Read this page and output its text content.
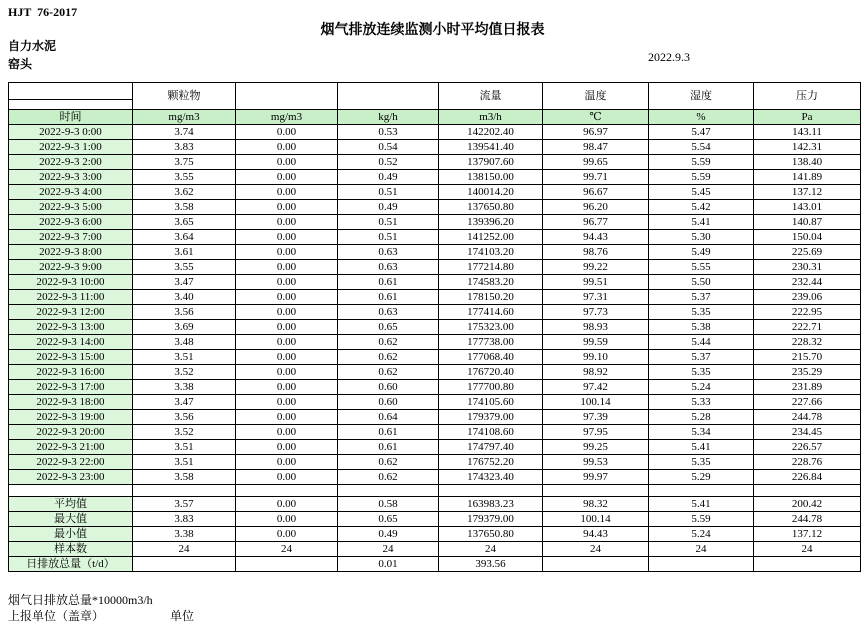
HJT  76-2017
烟气排放连续监测小时平均值日报表
自力水泥
窑头	2022.9.3
	颗粒物			流量	温度	湿度	压力

时间	mg/m3	mg/m3	kg/h	m3/h	℃	%	Pa
2022-9-3 0:00	3.74	0.00	0.53	142202.40	96.97	5.47	143.11
2022-9-3 1:00	3.83	0.00	0.54	139541.40	98.47	5.54	142.31
2022-9-3 2:00	3.75	0.00	0.52	137907.60	99.65	5.59	138.40
2022-9-3 3:00	3.55	0.00	0.49	138150.00	99.71	5.59	141.89
2022-9-3 4:00	3.62	0.00	0.51	140014.20	96.67	5.45	137.12
2022-9-3 5:00	3.58	0.00	0.49	137650.80	96.20	5.42	143.01
2022-9-3 6:00	3.65	0.00	0.51	139396.20	96.77	5.41	140.87
2022-9-3 7:00	3.64	0.00	0.51	141252.00	94.43	5.30	150.04
2022-9-3 8:00	3.61	0.00	0.63	174103.20	98.76	5.49	225.69
2022-9-3 9:00	3.55	0.00	0.63	177214.80	99.22	5.55	230.31
2022-9-3 10:00	3.47	0.00	0.61	174583.20	99.51	5.50	232.44
2022-9-3 11:00	3.40	0.00	0.61	178150.20	97.31	5.37	239.06
2022-9-3 12:00	3.56	0.00	0.63	177414.60	97.73	5.35	222.95
2022-9-3 13:00	3.69	0.00	0.65	175323.00	98.93	5.38	222.71
2022-9-3 14:00	3.48	0.00	0.62	177738.00	99.59	5.44	228.32
2022-9-3 15:00	3.51	0.00	0.62	177068.40	99.10	5.37	215.70
2022-9-3 16:00	3.52	0.00	0.62	176720.40	98.92	5.35	235.29
2022-9-3 17:00	3.38	0.00	0.60	177700.80	97.42	5.24	231.89
2022-9-3 18:00	3.47	0.00	0.60	174105.60	100.14	5.33	227.66
2022-9-3 19:00	3.56	0.00	0.64	179379.00	97.39	5.28	244.78
2022-9-3 20:00	3.52	0.00	0.61	174108.60	97.95	5.34	234.45
2022-9-3 21:00	3.51	0.00	0.61	174797.40	99.25	5.41	226.57
2022-9-3 22:00	3.51	0.00	0.62	176752.20	99.53	5.35	228.76
2022-9-3 23:00	3.58	0.00	0.62	174323.40	99.97	5.29	226.84

平均值	3.57	0.00	0.58	163983.23	98.32	5.41	200.42
最大值	3.83	0.00	0.65	179379.00	100.14	5.59	244.78
最小值	3.38	0.00	0.49	137650.80	94.43	5.24	137.12
样本数	24	24	24	24	24	24	24
日排放总量（t/d）			0.01	393.56			
烟气日排放总量*10000m3/h
上报单位（盖章）	单位
